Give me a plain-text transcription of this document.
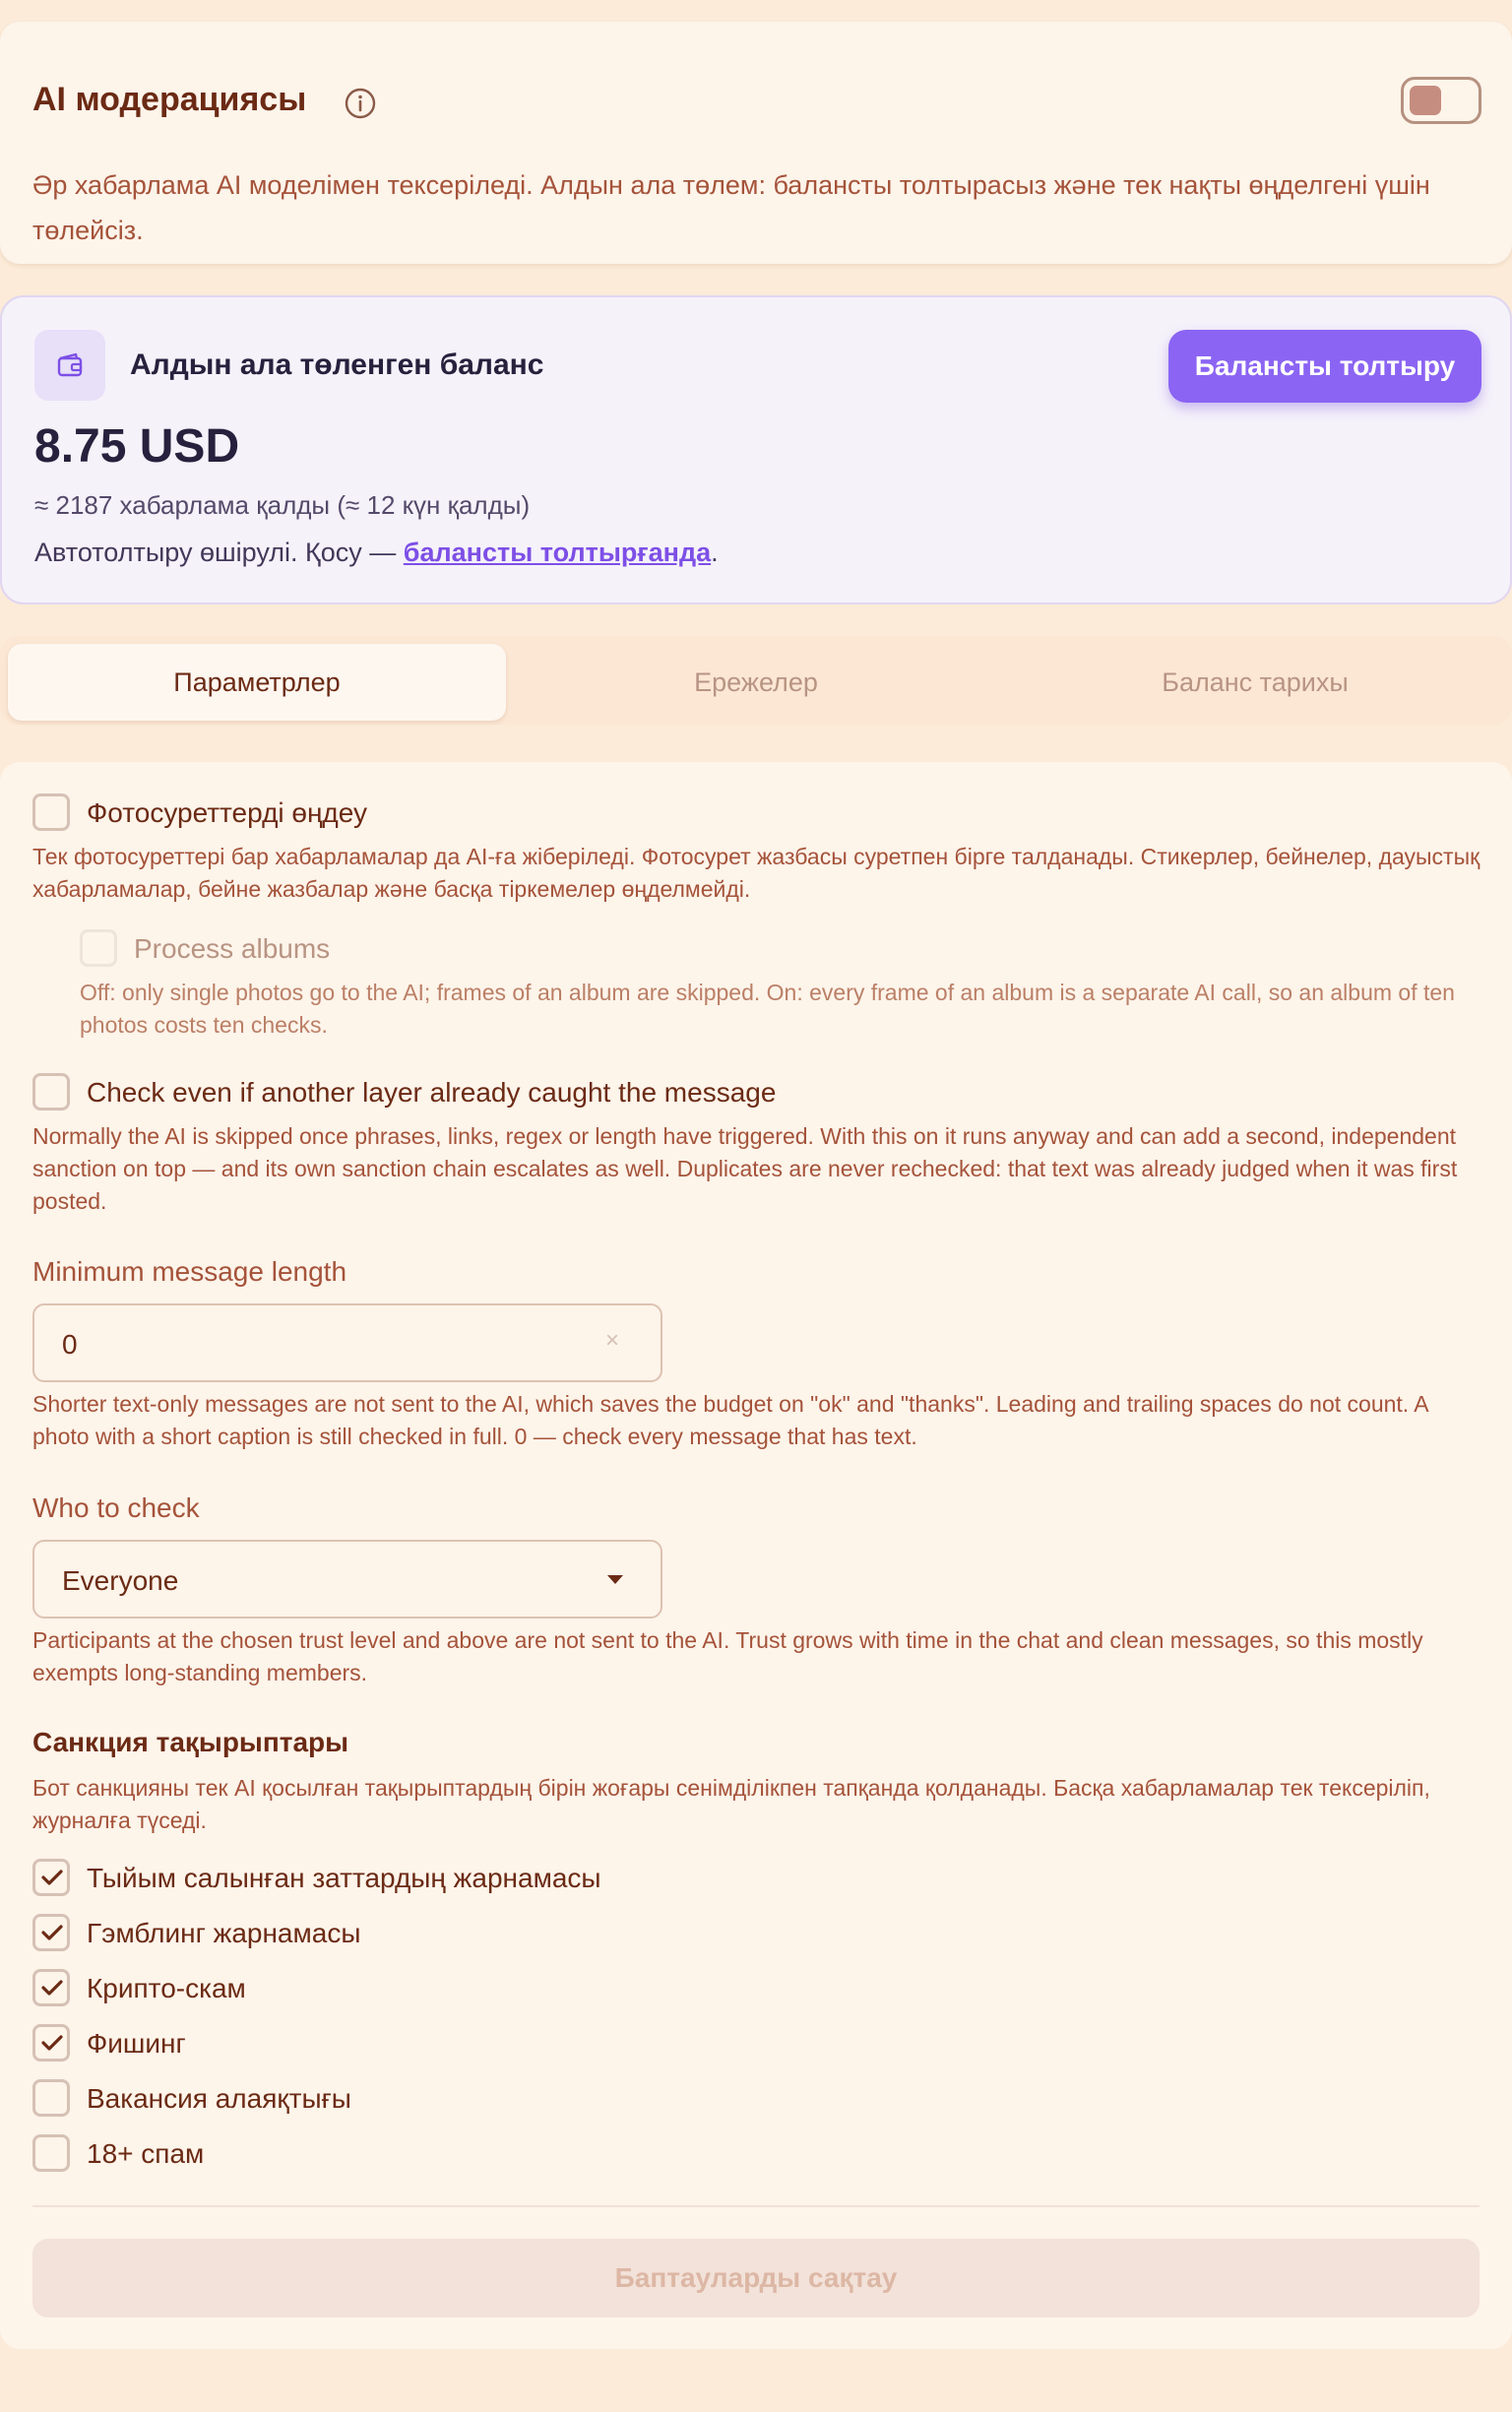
AI модерациясы
Әр хабарлама AI моделімен тексеріледі. Алдын ала төлем: балансты толтырасыз және тек нақты өңделгені үшін төлейсіз.
Алдын ала төленген баланс	Балансты толтыру
8.75 USD
≈ 2187 хабарлама қалды (≈ 12 күн қалды)
Автотолтыру өшірулі. Қосу — балансты толтырғанда.
Параметрлер	Ережелер	Баланс тарихы
Фотосуреттерді өңдеу
Тек фотосуреттері бар хабарламалар да AI-ға жіберіледі. Фотосурет жазбасы суретпен бірге талданады. Стикерлер, бейнелер, дауыстық хабарламалар, бейне жазбалар және басқа тіркемелер өңделмейді.
Process albums
Off: only single photos go to the AI; frames of an album are skipped. On: every frame of an album is a separate AI call, so an album of ten photos costs ten checks.
Check even if another layer already caught the message
Normally the AI is skipped once phrases, links, regex or length have triggered. With this on it runs anyway and can add a second, independent sanction on top — and its own sanction chain escalates as well. Duplicates are never rechecked: that text was already judged when it was first posted.
Minimum message length
0	×
Shorter text-only messages are not sent to the AI, which saves the budget on "ok" and "thanks". Leading and trailing spaces do not count. A photo with a short caption is still checked in full. 0 — check every message that has text.
Who to check
Everyone
Participants at the chosen trust level and above are not sent to the AI. Trust grows with time in the chat and clean messages, so this mostly exempts long-standing members.
Санкция тақырыптары
Бот санкцияны тек AI қосылған тақырыптардың бірін жоғары сенімділікпен тапқанда қолданады. Басқа хабарламалар тек тексеріліп, журналға түседі.
Тыйым салынған заттардың жарнамасы
Гэмблинг жарнамасы
Крипто-скам
Фишинг
Вакансия алаяқтығы
18+ спам
Баптауларды сақтау
